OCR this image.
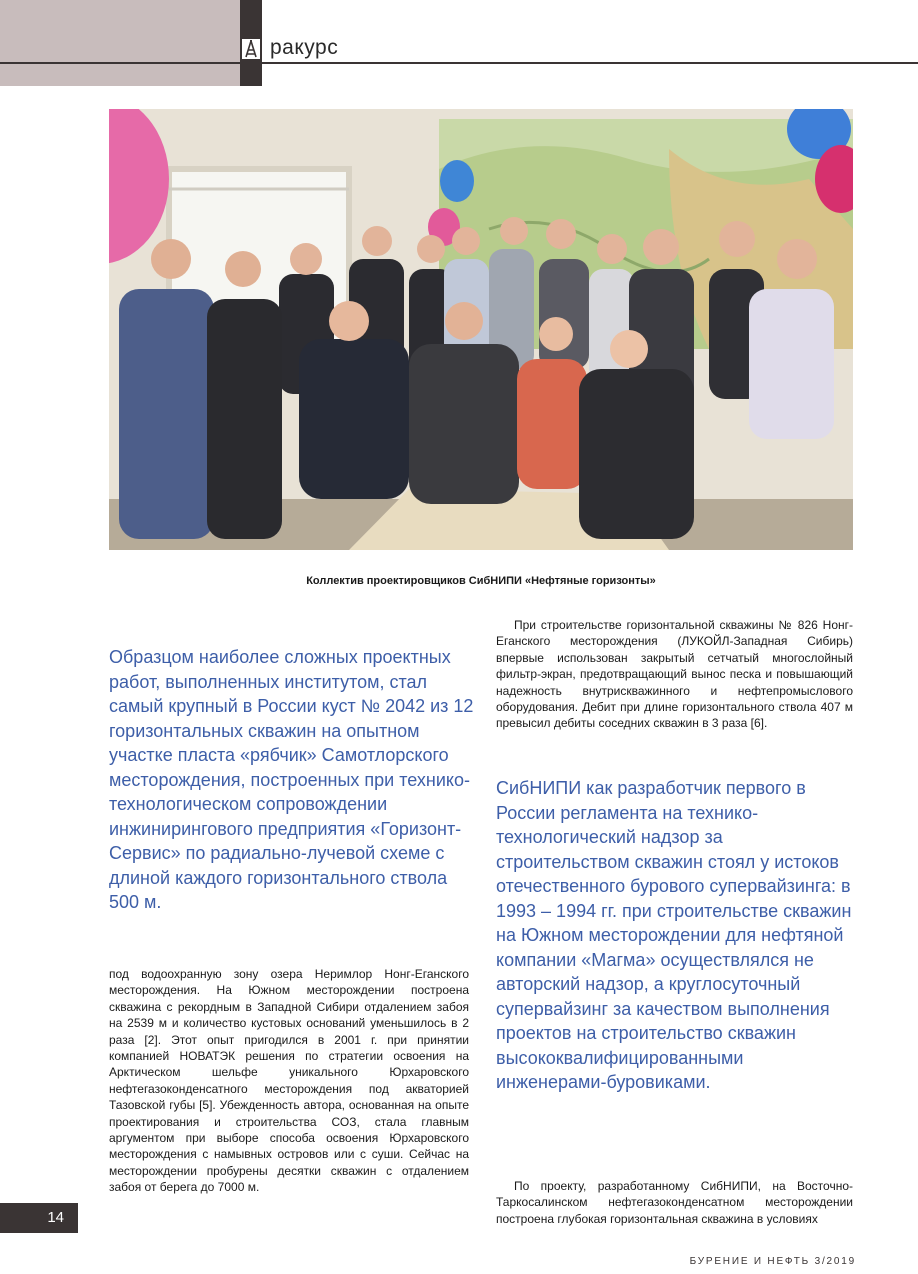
ракурс
Коллектив проектировщиков СибНИПИ «Нефтяные горизонты»
Образцом наиболее сложных проектных работ, выполненных институтом, стал самый крупный в России куст № 2042 из 12 горизонтальных скважин на опытном участке пласта «рябчик» Самотлорского месторождения, построенных при технико-технологическом сопровождении инжинирингового предприятия «Горизонт-Сервис» по радиально-лучевой схеме с длиной каждого горизонтального ствола 500 м.
под водоохранную зону озера Неримлор Нонг-Еганского месторождения. На Южном месторождении построена скважина с рекордным в Западной Сибири отдалением забоя на 2539 м и количество кустовых оснований уменьшилось в 2 раза [2]. Этот опыт пригодился в 2001 г. при принятии компанией НОВАТЭК решения по стратегии освоения на Арктическом шельфе уникального Юрхаровского нефтегазоконденсатного месторождения под акваторией Тазовской губы [5]. Убежденность автора, основанная на опыте проектирования и строительства СОЗ, стала главным аргументом при выборе способа освоения Юрхаровского месторождения с намывных островов или с суши. Сейчас на месторождении пробурены десятки скважин с отдалением забоя от берега до 7000 м.
При строительстве горизонтальной скважины № 826 Нонг-Еганского месторождения (ЛУКОЙЛ-Западная Сибирь) впервые использован закрытый сетчатый многослойный фильтр-экран, предотвращающий вынос песка и повышающий надежность внутрискважинного и нефтепромыслового оборудования. Дебит при длине горизонтального ствола 407 м превысил дебиты соседних скважин в 3 раза [6].
СибНИПИ как разработчик первого в России регламента на технико-технологический надзор за строительством скважин стоял у истоков отечественного бурового супервайзинга: в 1993 – 1994 гг. при строительстве скважин на Южном месторождении для нефтяной компании «Магма» осуществлялся не авторский надзор, а круглосуточный супервайзинг за качеством выполнения проектов на строительство скважин высококвалифицированными инженерами-буровиками.
По проекту, разработанному СибНИПИ, на Восточно-Таркосалинском нефтегазоконденсатном месторождении построена глубокая горизонтальная скважина в условиях
14
БУРЕНИЕ И НЕФТЬ 3/2019
